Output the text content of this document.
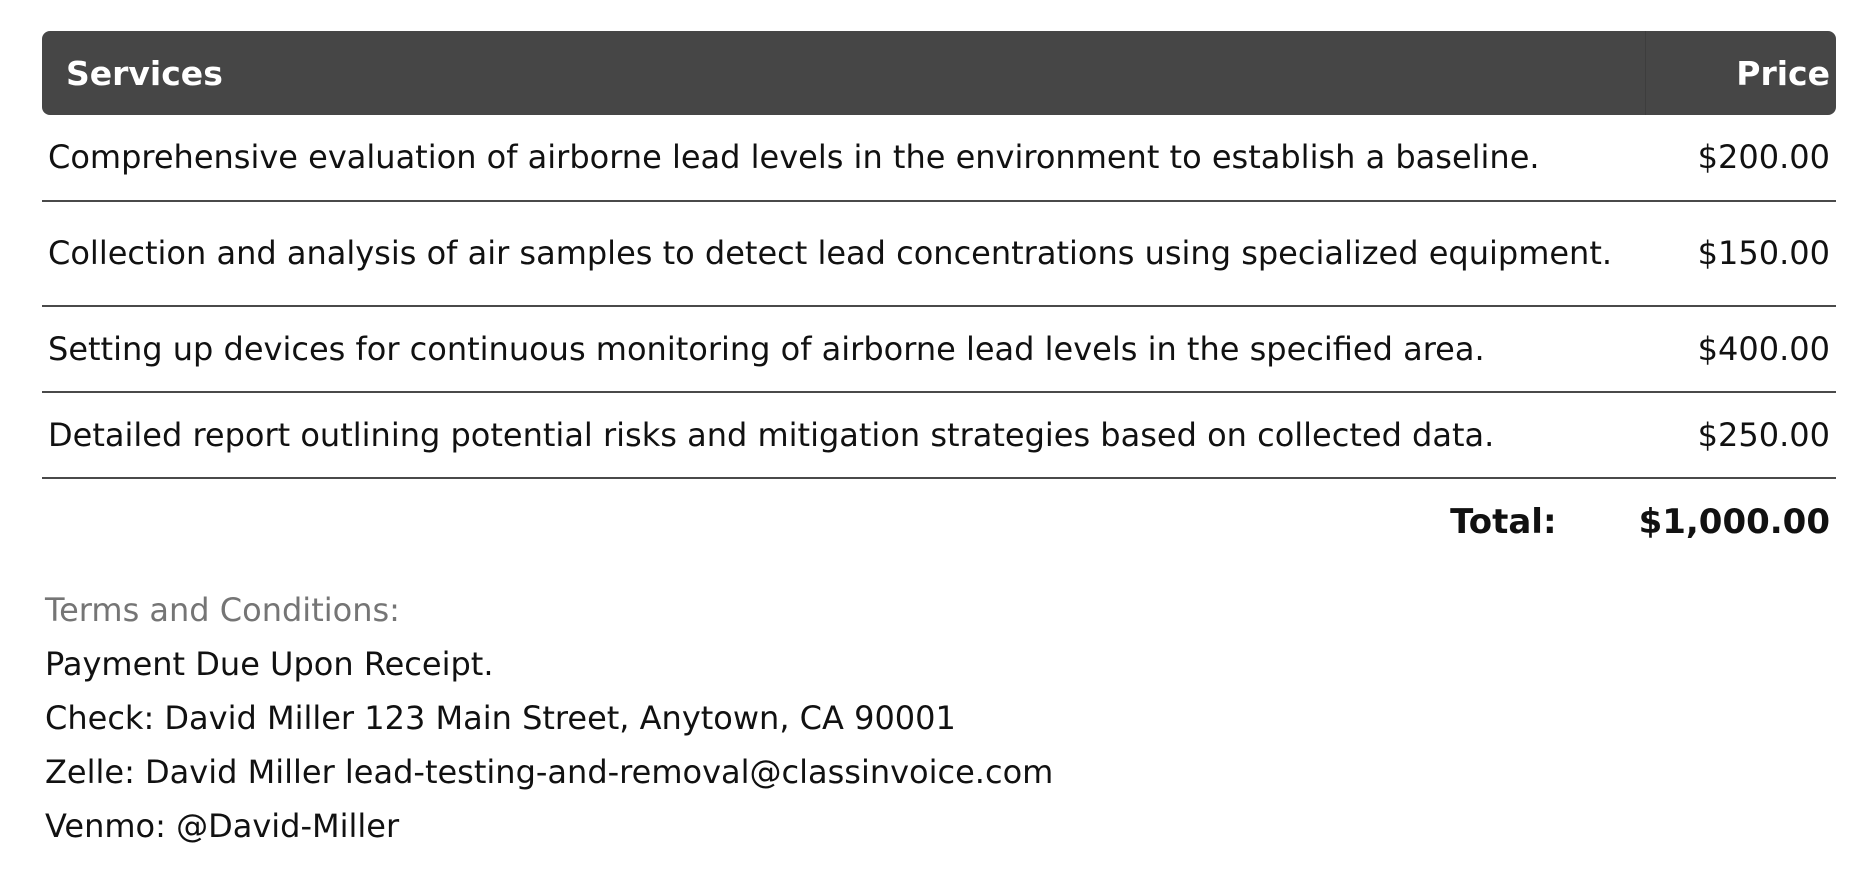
Services	Price
Comprehensive evaluation of airborne lead levels in the environment to establish a baseline.	$200.00
Collection and analysis of air samples to detect lead concentrations using specialized equipment.	$150.00
Setting up devices for continuous monitoring of airborne lead levels in the specified area.	$400.00
Detailed report outlining potential risks and mitigation strategies based on collected data.	$250.00
Total: $1,000.00
Terms and Conditions:
Payment Due Upon Receipt.
Check: David Miller 123 Main Street, Anytown, CA 90001
Zelle: David Miller lead-testing-and-removal@classinvoice.com
Venmo: @David-Miller
